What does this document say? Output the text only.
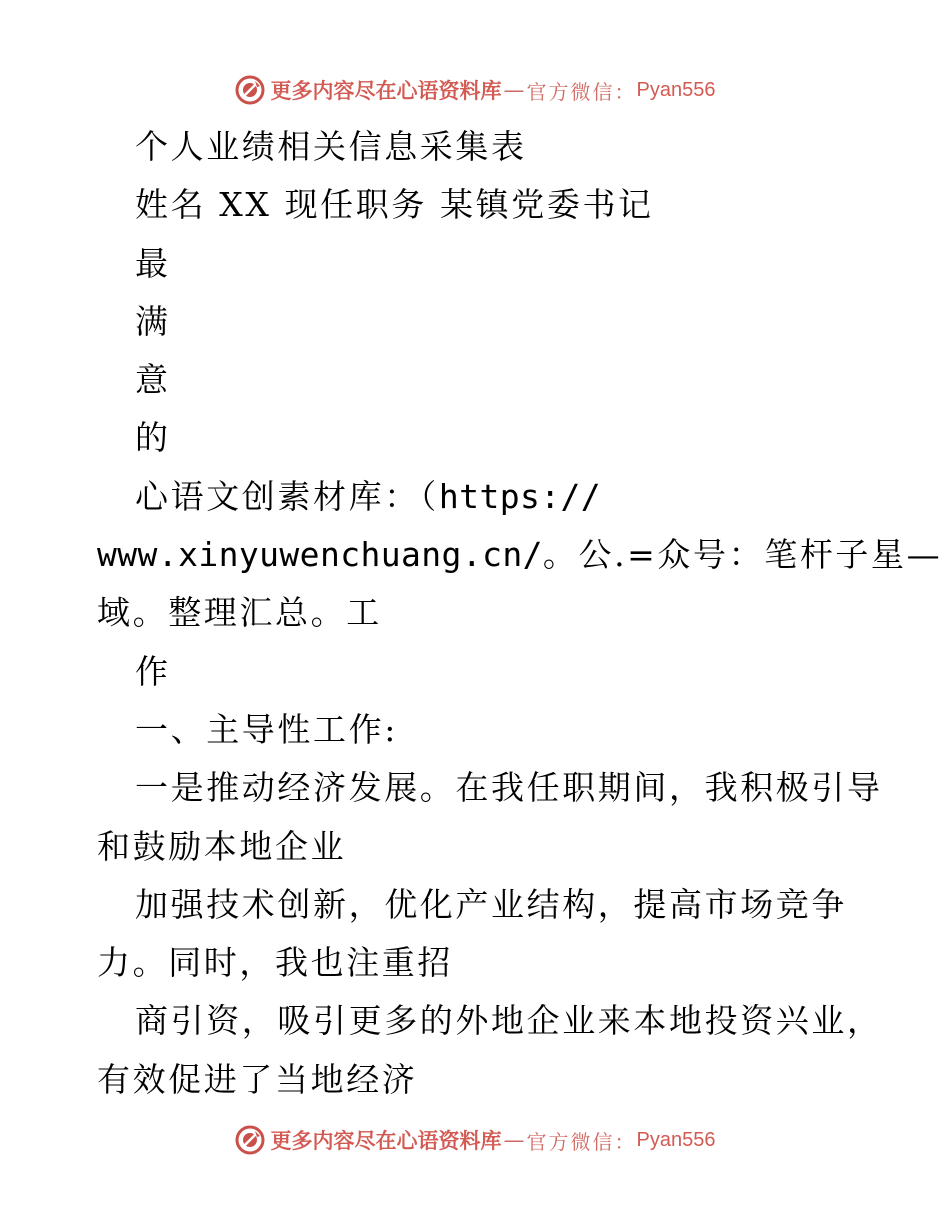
更多内容尽在心语资料库 — 官方微信： Pyan556
个人业绩相关信息采集表
姓名 XX 现任职务 某镇党委书记
最
满
意
的
心语文创素材库：（https://
www.xinyuwenchuang.cn/。公.=众号：笔杆子星—
域。整理汇总。工
作
一、主导性工作:
一是推动经济发展。在我任职期间，我积极引导
和鼓励本地企业
加强技术创新，优化产业结构，提高市场竞争
力。同时，我也注重招
商引资，吸引更多的外地企业来本地投资兴业，
有效促进了当地经济
更多内容尽在心语资料库 — 官方微信： Pyan556
